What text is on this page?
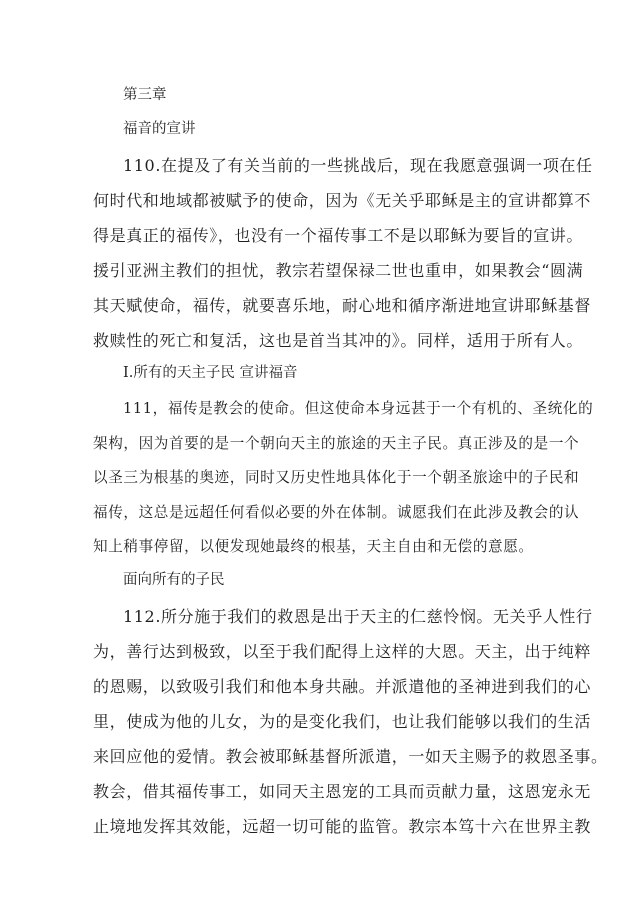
第三章
福音的宣讲
110.在提及了有关当前的一些挑战后，现在我愿意强调一项在任
何时代和地域都被赋予的使命，因为《无关乎耶稣是主的宣讲都算不
得是真正的福传》，也没有一个福传事工不是以耶稣为要旨的宣讲。
援引亚洲主教们的担忧，教宗若望保禄二世也重申，如果教会“圆满
其天赋使命，福传，就要喜乐地，耐心地和循序渐进地宣讲耶稣基督
救赎性的死亡和复活，这也是首当其冲的》。同样，适用于所有人。
I.所有的天主子民 宣讲福音
111，福传是教会的使命。但这使命本身远甚于一个有机的、圣统化的
架构，因为首要的是一个朝向天主的旅途的天主子民。真正涉及的是一个
以圣三为根基的奥迹，同时又历史性地具体化于一个朝圣旅途中的子民和
福传，这总是远超任何看似必要的外在体制。诚愿我们在此涉及教会的认
知上稍事停留，以便发现她最终的根基，天主自由和无偿的意愿。
面向所有的子民
112.所分施于我们的救恩是出于天主的仁慈怜悯。无关乎人性行
为，善行达到极致，以至于我们配得上这样的大恩。天主，出于纯粹
的恩赐，以致吸引我们和他本身共融。并派遣他的圣神进到我们的心
里，使成为他的儿女，为的是变化我们，也让我们能够以我们的生活
来回应他的爱情。教会被耶稣基督所派遣，一如天主赐予的救恩圣事。
教会，借其福传事工，如同天主恩宠的工具而贡献力量，这恩宠永无
止境地发挥其效能，远超一切可能的监管。教宗本笃十六在世界主教
